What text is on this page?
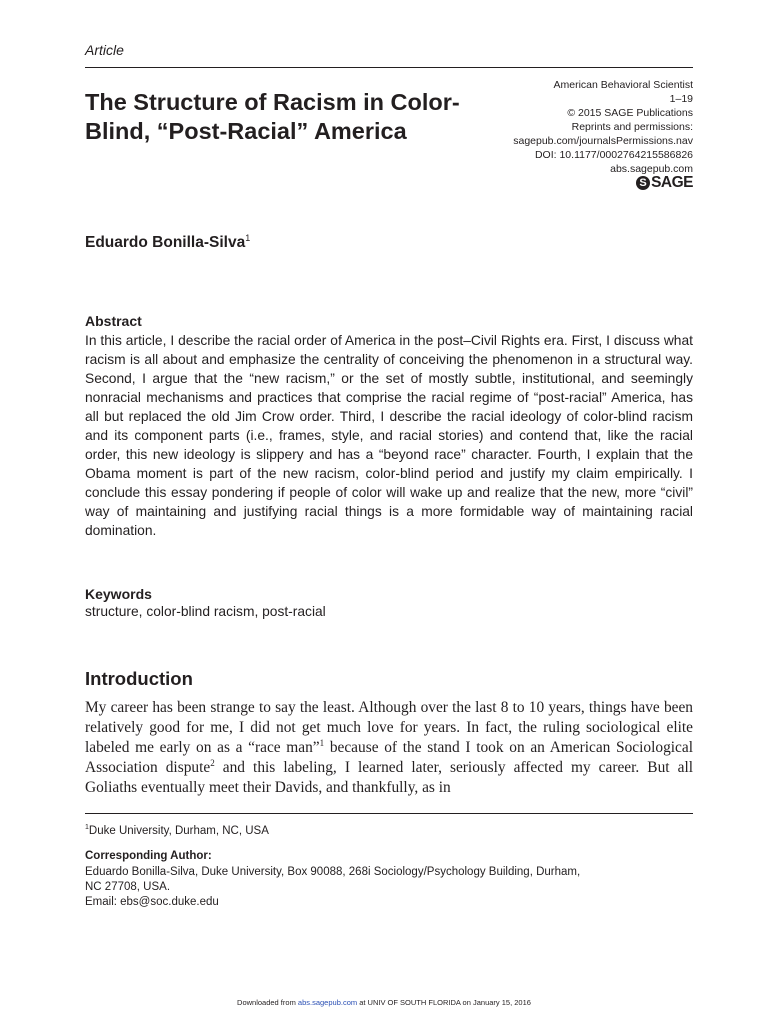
Article
The Structure of Racism in Color-Blind, “Post-Racial” America
American Behavioral Scientist
1–19
© 2015 SAGE Publications
Reprints and permissions:
sagepub.com/journalsPermissions.nav
DOI: 10.1177/0002764215586826
abs.sagepub.com
S SAGE
Eduardo Bonilla-Silva$^1$
Abstract
In this article, I describe the racial order of America in the post–Civil Rights era. First, I discuss what racism is all about and emphasize the centrality of conceiving the phenomenon in a structural way. Second, I argue that the “new racism,” or the set of mostly subtle, institutional, and seemingly nonracial mechanisms and practices that comprise the racial regime of “post-racial” America, has all but replaced the old Jim Crow order. Third, I describe the racial ideology of color-blind racism and its component parts (i.e., frames, style, and racial stories) and contend that, like the racial order, this new ideology is slippery and has a “beyond race” character. Fourth, I explain that the Obama moment is part of the new racism, color-blind period and justify my claim empirically. I conclude this essay pondering if people of color will wake up and realize that the new, more “civil” way of maintaining and justifying racial things is a more formidable way of maintaining racial domination.
Keywords
structure, color-blind racism, post-racial
Introduction
My career has been strange to say the least. Although over the last 8 to 10 years, things have been relatively good for me, I did not get much love for years. In fact, the ruling sociological elite labeled me early on as a “race man”$^1$ because of the stand I took on an American Sociological Association dispute$^2$ and this labeling, I learned later, seriously affected my career. But all Goliaths eventually meet their Davids, and thankfully, as in
$^1$Duke University, Durham, NC, USA
Corresponding Author:
Eduardo Bonilla-Silva, Duke University, Box 90088, 268i Sociology/Psychology Building, Durham,
NC 27708, USA.
Email: ebs@soc.duke.edu
Downloaded from abs.sagepub.com at UNIV OF SOUTH FLORIDA on January 15, 2016
